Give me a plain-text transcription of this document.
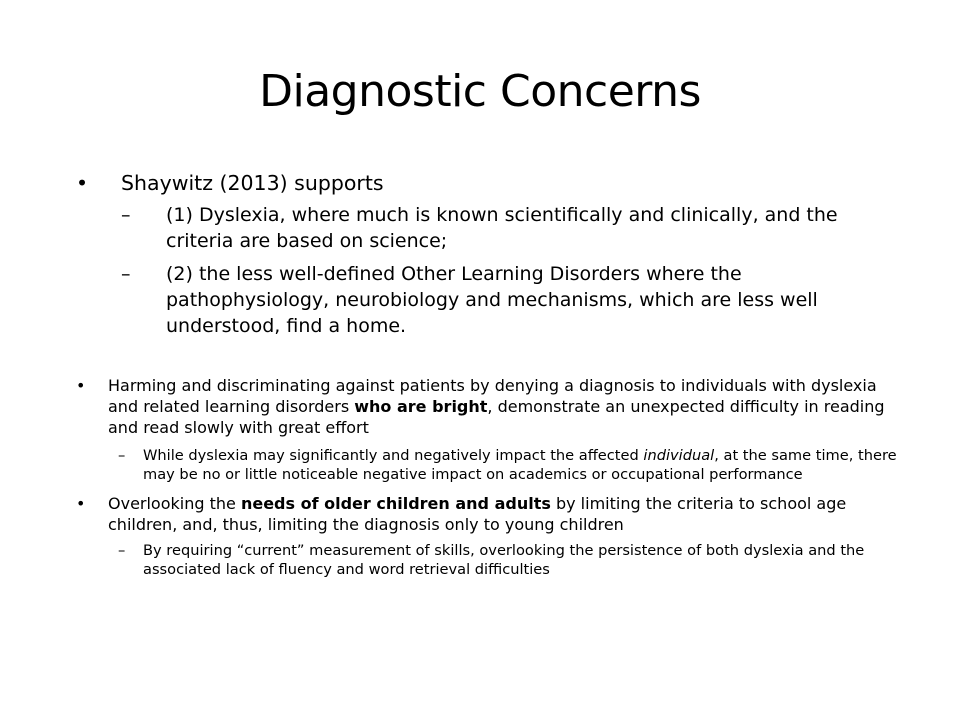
Diagnostic Concerns
• Shaywitz (2013) supports
– (1) Dyslexia, where much is known scientifically and clinically, and the criteria are based on science;
– (2) the less well-defined Other Learning Disorders where the pathophysiology, neurobiology and mechanisms, which are less well understood, find a home.
• Harming and discriminating against patients by denying a diagnosis to individuals with dyslexia and related learning disorders who are bright, demonstrate an unexpected difficulty in reading and read slowly with great effort
– While dyslexia may significantly and negatively impact the affected individual, at the same time, there may be no or little noticeable negative impact on academics or occupational performance
• Overlooking the needs of older children and adults by limiting the criteria to school age children, and, thus, limiting the diagnosis only to young children
– By requiring “current” measurement of skills, overlooking the persistence of both dyslexia and the associated lack of fluency and word retrieval difficulties
